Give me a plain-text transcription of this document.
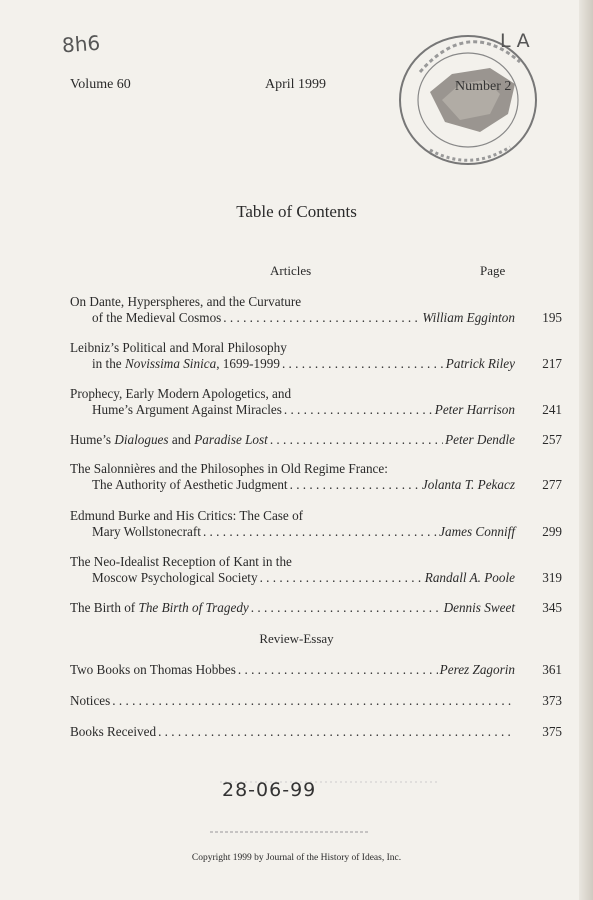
8h6
Volume 60	April 1999	Number 2
L A
Table of Contents
Articles	Page
On Dante, Hyperspheres, and the Curvature
of the Medieval Cosmos . . .	William Egginton	195
Leibniz’s Political and Moral Philosophy
in the Novissima Sinica, 1699-1999 . . .	Patrick Riley	217
Prophecy, Early Modern Apologetics, and
Hume’s Argument Against Miracles . . .	Peter Harrison	241
Hume’s Dialogues and Paradise Lost . . .	Peter Dendle	257
The Salonnières and the Philosophes in Old Regime France:
The Authority of Aesthetic Judgment . . .	Jolanta T. Pekacz	277
Edmund Burke and His Critics: The Case of
Mary Wollstonecraft . . .	James Conniff	299
The Neo-Idealist Reception of Kant in the
Moscow Psychological Society . . .	Randall A. Poole	319
The Birth of The Birth of Tragedy . . .	Dennis Sweet	345
Review-Essay
Two Books on Thomas Hobbes . . .	Perez Zagorin	361
Notices . . .	373
Books Received . . .	375
28-06-99
Copyright 1999 by Journal of the History of Ideas, Inc.
